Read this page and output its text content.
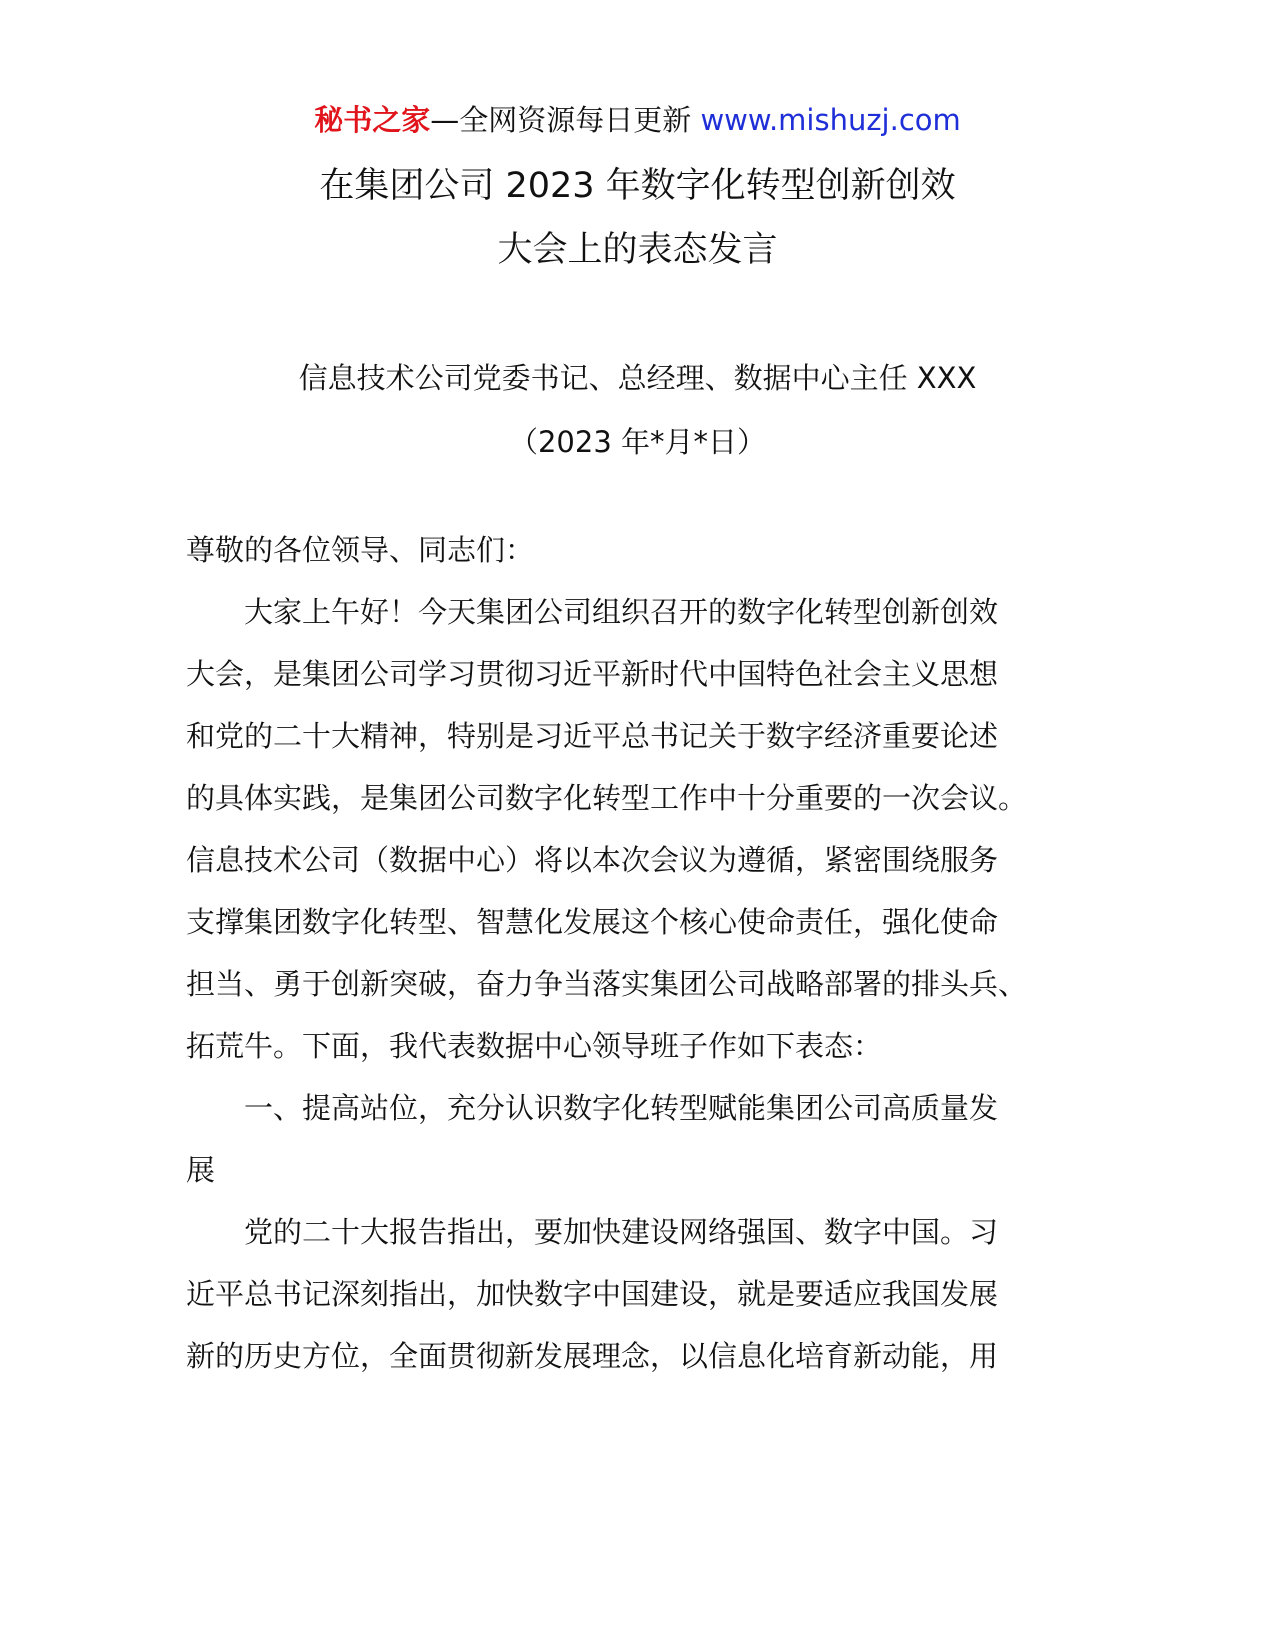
秘书之家—全网资源每日更新 www.mishuzj.com
在集团公司 2023 年数字化转型创新创效
大会上的表态发言
信息技术公司党委书记、总经理、数据中心主任 XXX
（2023 年*月*日）
尊敬的各位领导、同志们：
　　大家上午好！今天集团公司组织召开的数字化转型创新创效
大会，是集团公司学习贯彻习近平新时代中国特色社会主义思想
和党的二十大精神，特别是习近平总书记关于数字经济重要论述
的具体实践，是集团公司数字化转型工作中十分重要的一次会议。
信息技术公司（数据中心）将以本次会议为遵循，紧密围绕服务
支撑集团数字化转型、智慧化发展这个核心使命责任，强化使命
担当、勇于创新突破，奋力争当落实集团公司战略部署的排头兵、
拓荒牛。下面，我代表数据中心领导班子作如下表态：
　　一、提高站位，充分认识数字化转型赋能集团公司高质量发
展
　　党的二十大报告指出，要加快建设网络强国、数字中国。习
近平总书记深刻指出，加快数字中国建设，就是要适应我国发展
新的历史方位，全面贯彻新发展理念，以信息化培育新动能，用
